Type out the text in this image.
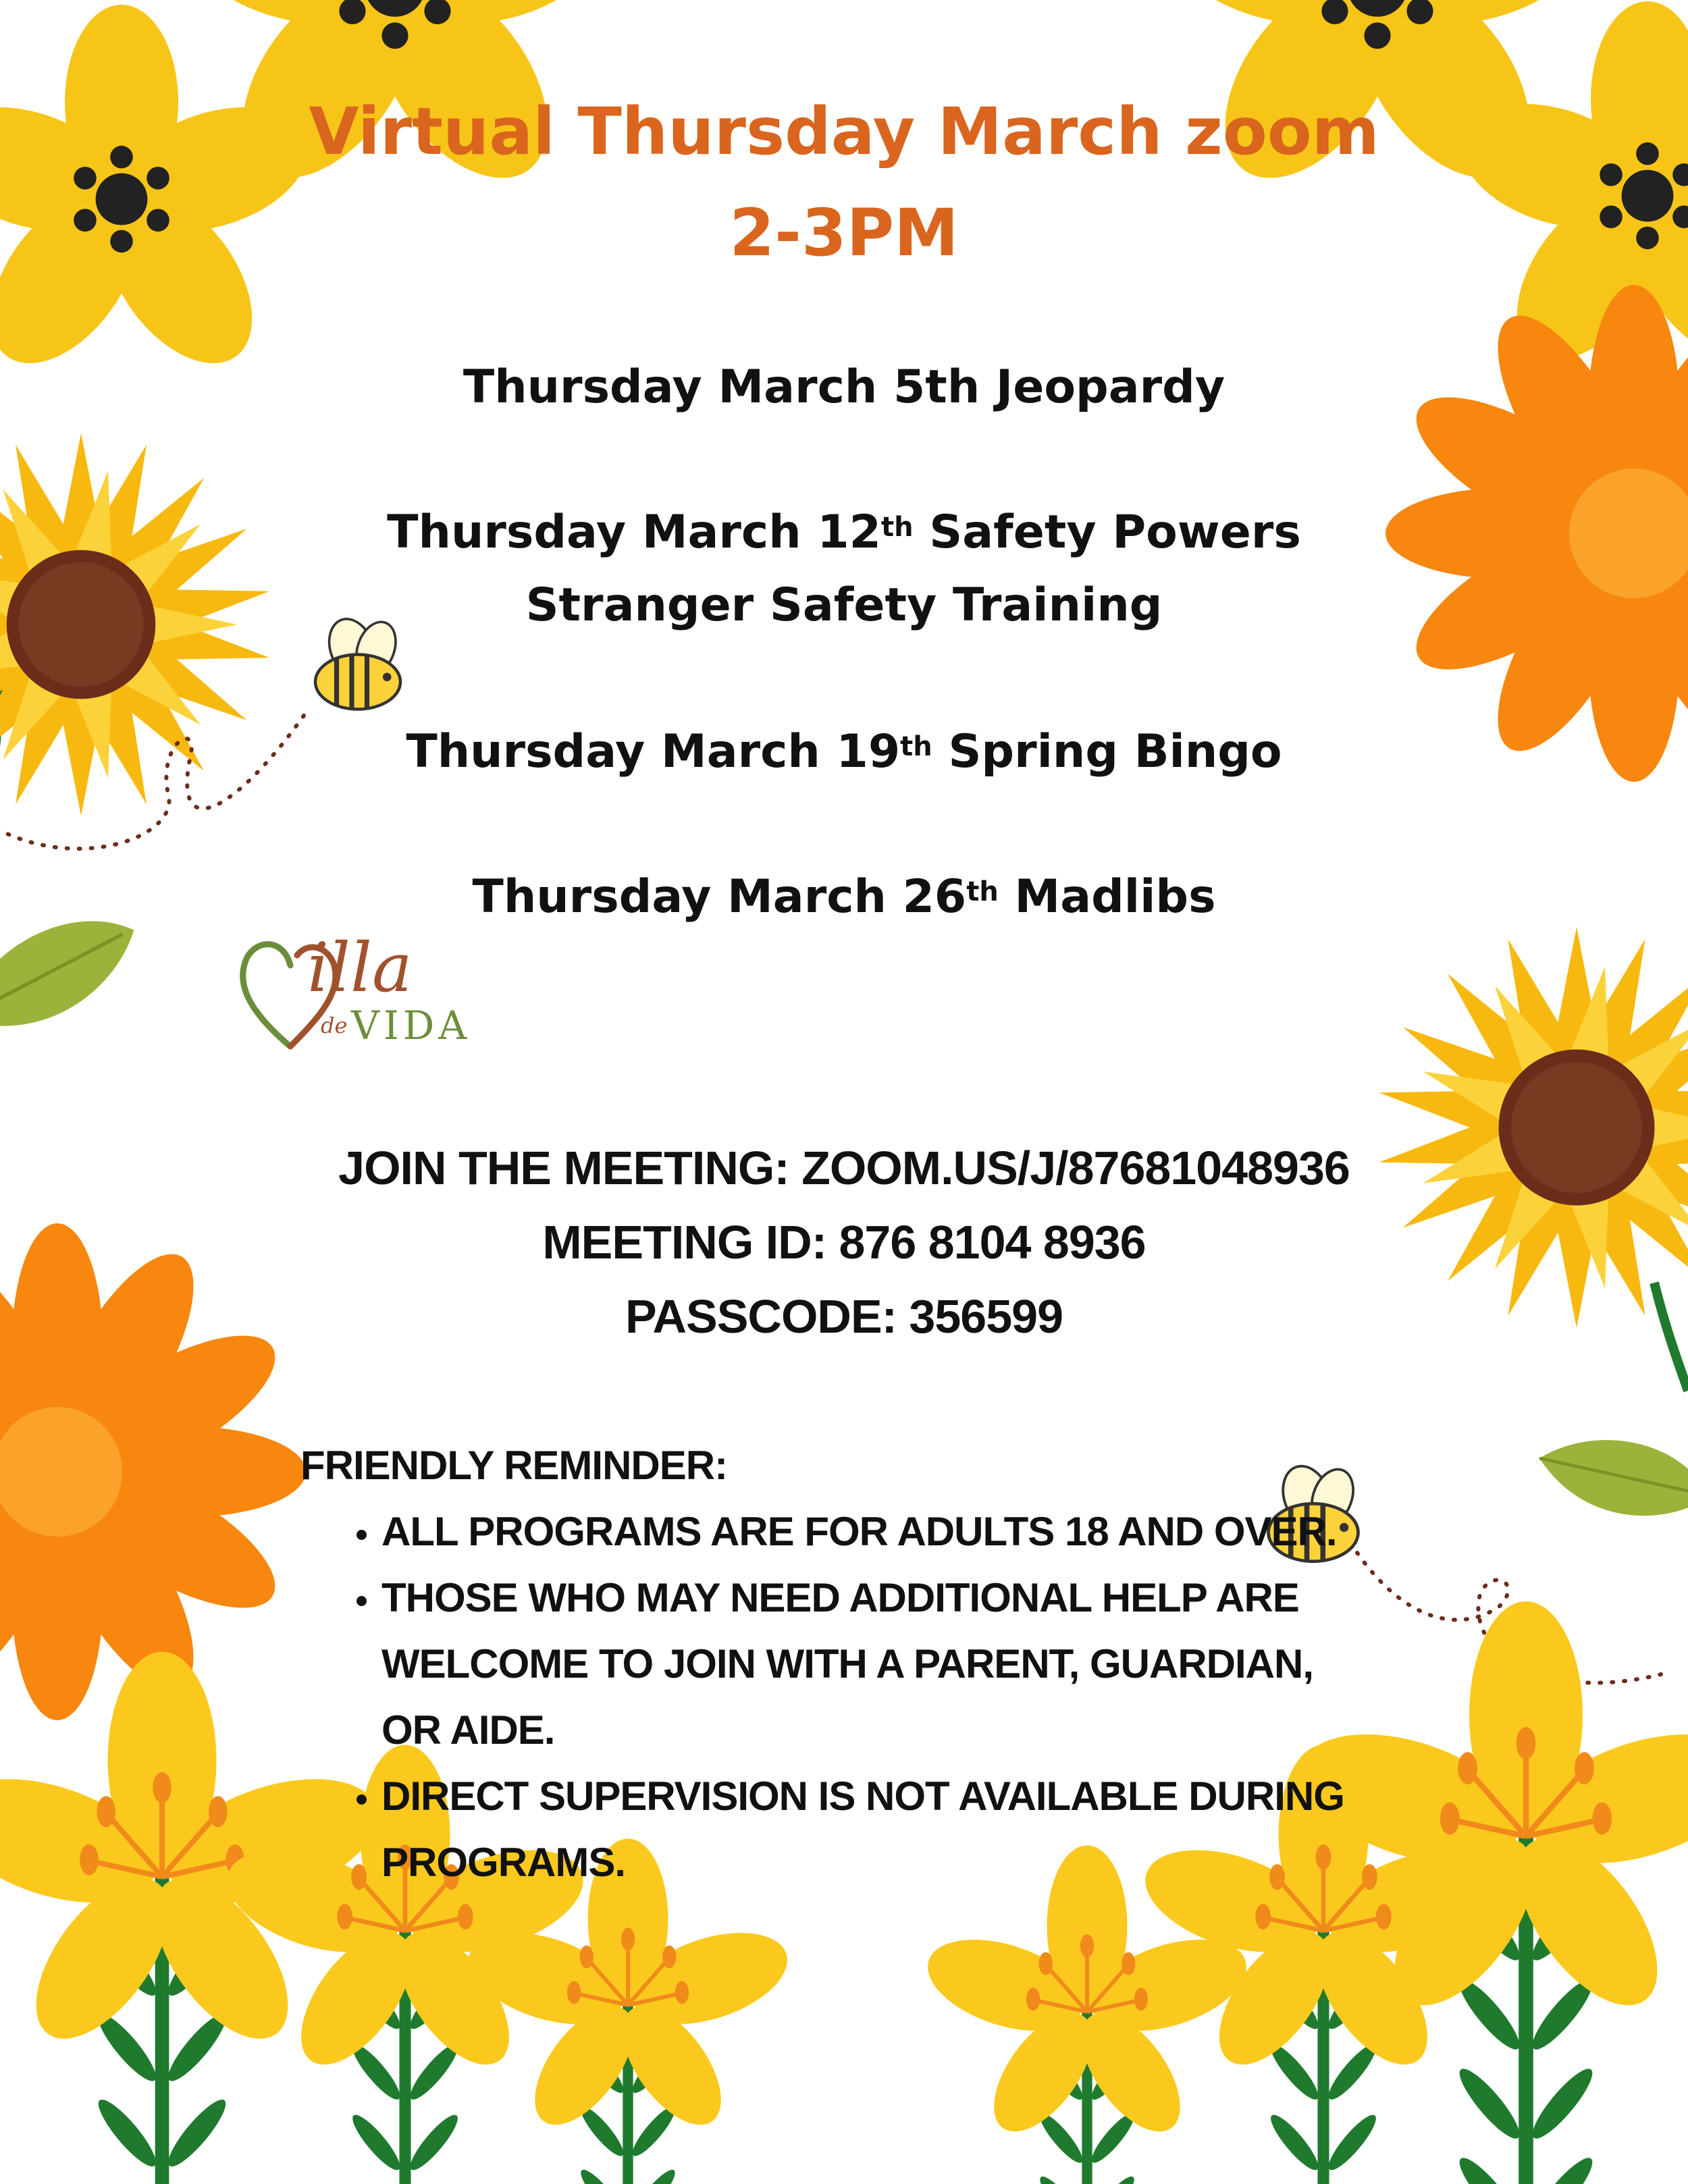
Virtual Thursday March zoom
2-3PM
Thursday March 5th Jeopardy
Thursday March 12th Safety Powers
Stranger Safety Training
Thursday March 19th Spring Bingo
Thursday March 26th Madlibs
illa
de VIDA
JOIN THE MEETING: ZOOM.US/J/87681048936
MEETING ID: 876 8104 8936
PASSCODE: 356599
FRIENDLY REMINDER:
• ALL PROGRAMS ARE FOR ADULTS 18 AND OVER.
• THOSE WHO MAY NEED ADDITIONAL HELP ARE WELCOME TO JOIN WITH A PARENT, GUARDIAN, OR AIDE.
• DIRECT SUPERVISION IS NOT AVAILABLE DURING PROGRAMS.
